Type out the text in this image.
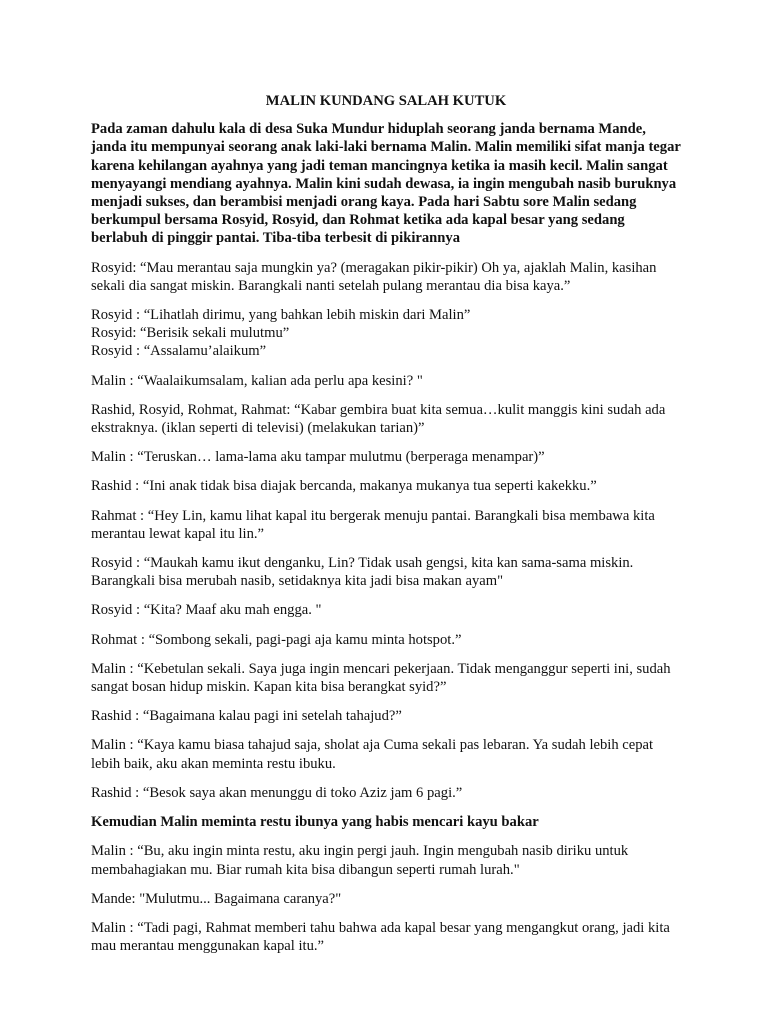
MALIN KUNDANG SALAH KUTUK

Pada zaman dahulu kala di desa Suka Mundur hiduplah seorang janda bernama Mande, janda itu mempunyai seorang anak laki-laki bernama Malin. Malin memiliki sifat manja tegar karena kehilangan ayahnya yang jadi teman mancingnya ketika ia masih kecil. Malin sangat menyayangi mendiang ayahnya. Malin kini sudah dewasa, ia ingin mengubah nasib buruknya menjadi sukses, dan berambisi menjadi orang kaya. Pada hari Sabtu sore Malin sedang berkumpul bersama Rosyid, Rosyid, dan Rohmat ketika ada kapal besar yang sedang berlabuh di pinggir pantai. Tiba-tiba terbesit di pikirannya

Rosyid: “Mau merantau saja mungkin ya? (meragakan pikir-pikir) Oh ya, ajaklah Malin, kasihan sekali dia sangat miskin. Barangkali nanti setelah pulang merantau dia bisa kaya.”

Rosyid : “Lihatlah dirimu, yang bahkan lebih miskin dari Malin”
Rosyid: “Berisik sekali mulutmu”
Rosyid : “Assalamu’alaikum”

Malin : “Waalaikumsalam, kalian ada perlu apa kesini? "

Rashid, Rosyid, Rohmat, Rahmat: “Kabar gembira buat kita semua…kulit manggis kini sudah ada ekstraknya. (iklan seperti di televisi) (melakukan tarian)”

Malin : “Teruskan… lama-lama aku tampar mulutmu (berperaga menampar)”

Rashid : “Ini anak tidak bisa diajak bercanda, makanya mukanya tua seperti kakekku.”

Rahmat : “Hey Lin, kamu lihat kapal itu bergerak menuju pantai. Barangkali bisa membawa kita merantau lewat kapal itu lin.”

Rosyid : “Maukah kamu ikut denganku, Lin? Tidak usah gengsi, kita kan sama-sama miskin. Barangkali bisa merubah nasib, setidaknya kita jadi bisa makan ayam"

Rosyid : “Kita? Maaf aku mah engga. "

Rohmat : “Sombong sekali, pagi-pagi aja kamu minta hotspot.”

Malin : “Kebetulan sekali. Saya juga ingin mencari pekerjaan. Tidak menganggur seperti ini, sudah sangat bosan hidup miskin. Kapan kita bisa berangkat syid?”

Rashid : “Bagaimana kalau pagi ini setelah tahajud?”

Malin : “Kaya kamu biasa tahajud saja, sholat aja Cuma sekali pas lebaran. Ya sudah lebih cepat lebih baik, aku akan meminta restu ibuku.

Rashid : “Besok saya akan menunggu di toko Aziz jam 6 pagi.”

Kemudian Malin meminta restu ibunya yang habis mencari kayu bakar

Malin : “Bu, aku ingin minta restu, aku ingin pergi jauh. Ingin mengubah nasib diriku untuk membahagiakan mu. Biar rumah kita bisa dibangun seperti rumah lurah."

Mande: "Mulutmu... Bagaimana caranya?"

Malin : “Tadi pagi, Rahmat memberi tahu bahwa ada kapal besar yang mengangkut orang, jadi kita mau merantau menggunakan kapal itu.”
